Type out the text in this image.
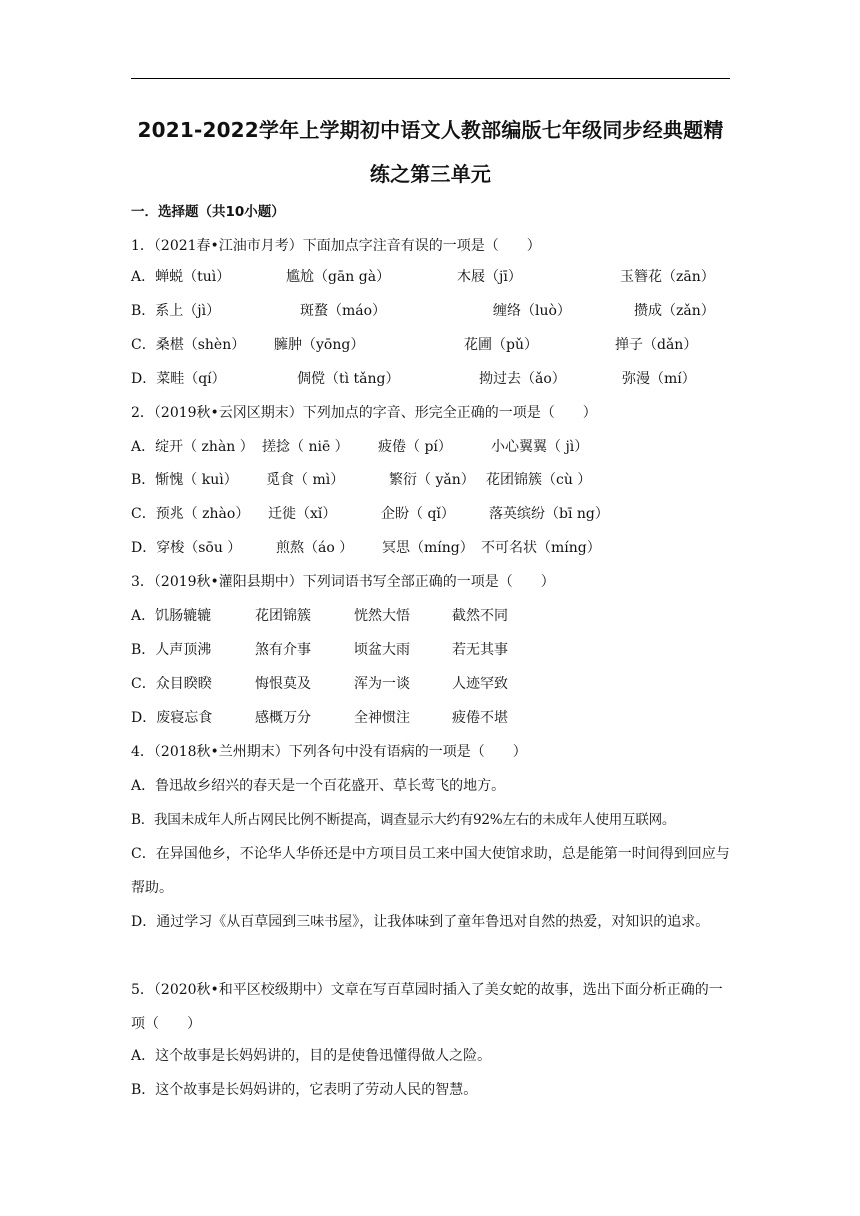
2021-2022学年上学期初中语文人教部编版七年级同步经典题精
练之第三单元
一．选择题（共10小题）
1．（2021春•江油市月考）下面加点字注音有误的一项是（　　）
A．蝉蜕（tuì）	尴尬（gān gà）	木屐（jī）	玉簪花（zān）
B．系上（jì）	斑蝥（máo）	缠络（luò）	攒成（zǎn）
C．桑椹（shèn） 臃肿（yōng）	花圃（pǔ）	掸子（dǎn）
D．菜畦（qí）	倜傥（tì tǎng）	拗过去（ǎo）	弥漫（mí）
2．（2019秋•云冈区期末）下列加点的字音、形完全正确的一项是（　　）
A．绽开（ zhàn ） 搓捻（ niē ） 疲倦（ pí）	小心翼翼（ jì）
B．惭愧（ kuì） 觅食（ mì）	繁衍（ yǎn） 花团锦簇（cù ）
C．预兆（ zhào） 迁徙（xǐ）	企盼（ qǐ） 落英缤纷（bī ng）
D．穿梭（sōu ） 煎熬（áo ） 冥思（míng） 不可名状（míng）
3．（2019秋•灌阳县期中）下列词语书写全部正确的一项是（　　）
A．饥肠辘辘	花团锦簇	恍然大悟	截然不同
B．人声顶沸	煞有介事	顷盆大雨	若无其事
C．众目睽睽	悔恨莫及	浑为一谈	人迹罕致
D．废寝忘食	感概万分	全神惯注	疲倦不堪
4．（2018秋•兰州期末）下列各句中没有语病的一项是（　　）
A．鲁迅故乡绍兴的春天是一个百花盛开、草长莺飞的地方。
B．我国未成年人所占网民比例不断提高，调查显示大约有92%左右的未成年人使用互联网。
C．在异国他乡，不论华人华侨还是中方项目员工来中国大使馆求助，总是能第一时间得到回应与帮助。
D．通过学习《从百草园到三味书屋》，让我体味到了童年鲁迅对自然的热爱，对知识的追求。
5．（2020秋•和平区校级期中）文章在写百草园时插入了美女蛇的故事，选出下面分析正确的一项（　　）
A．这个故事是长妈妈讲的，目的是使鲁迅懂得做人之险。
B．这个故事是长妈妈讲的，它表明了劳动人民的智慧。
